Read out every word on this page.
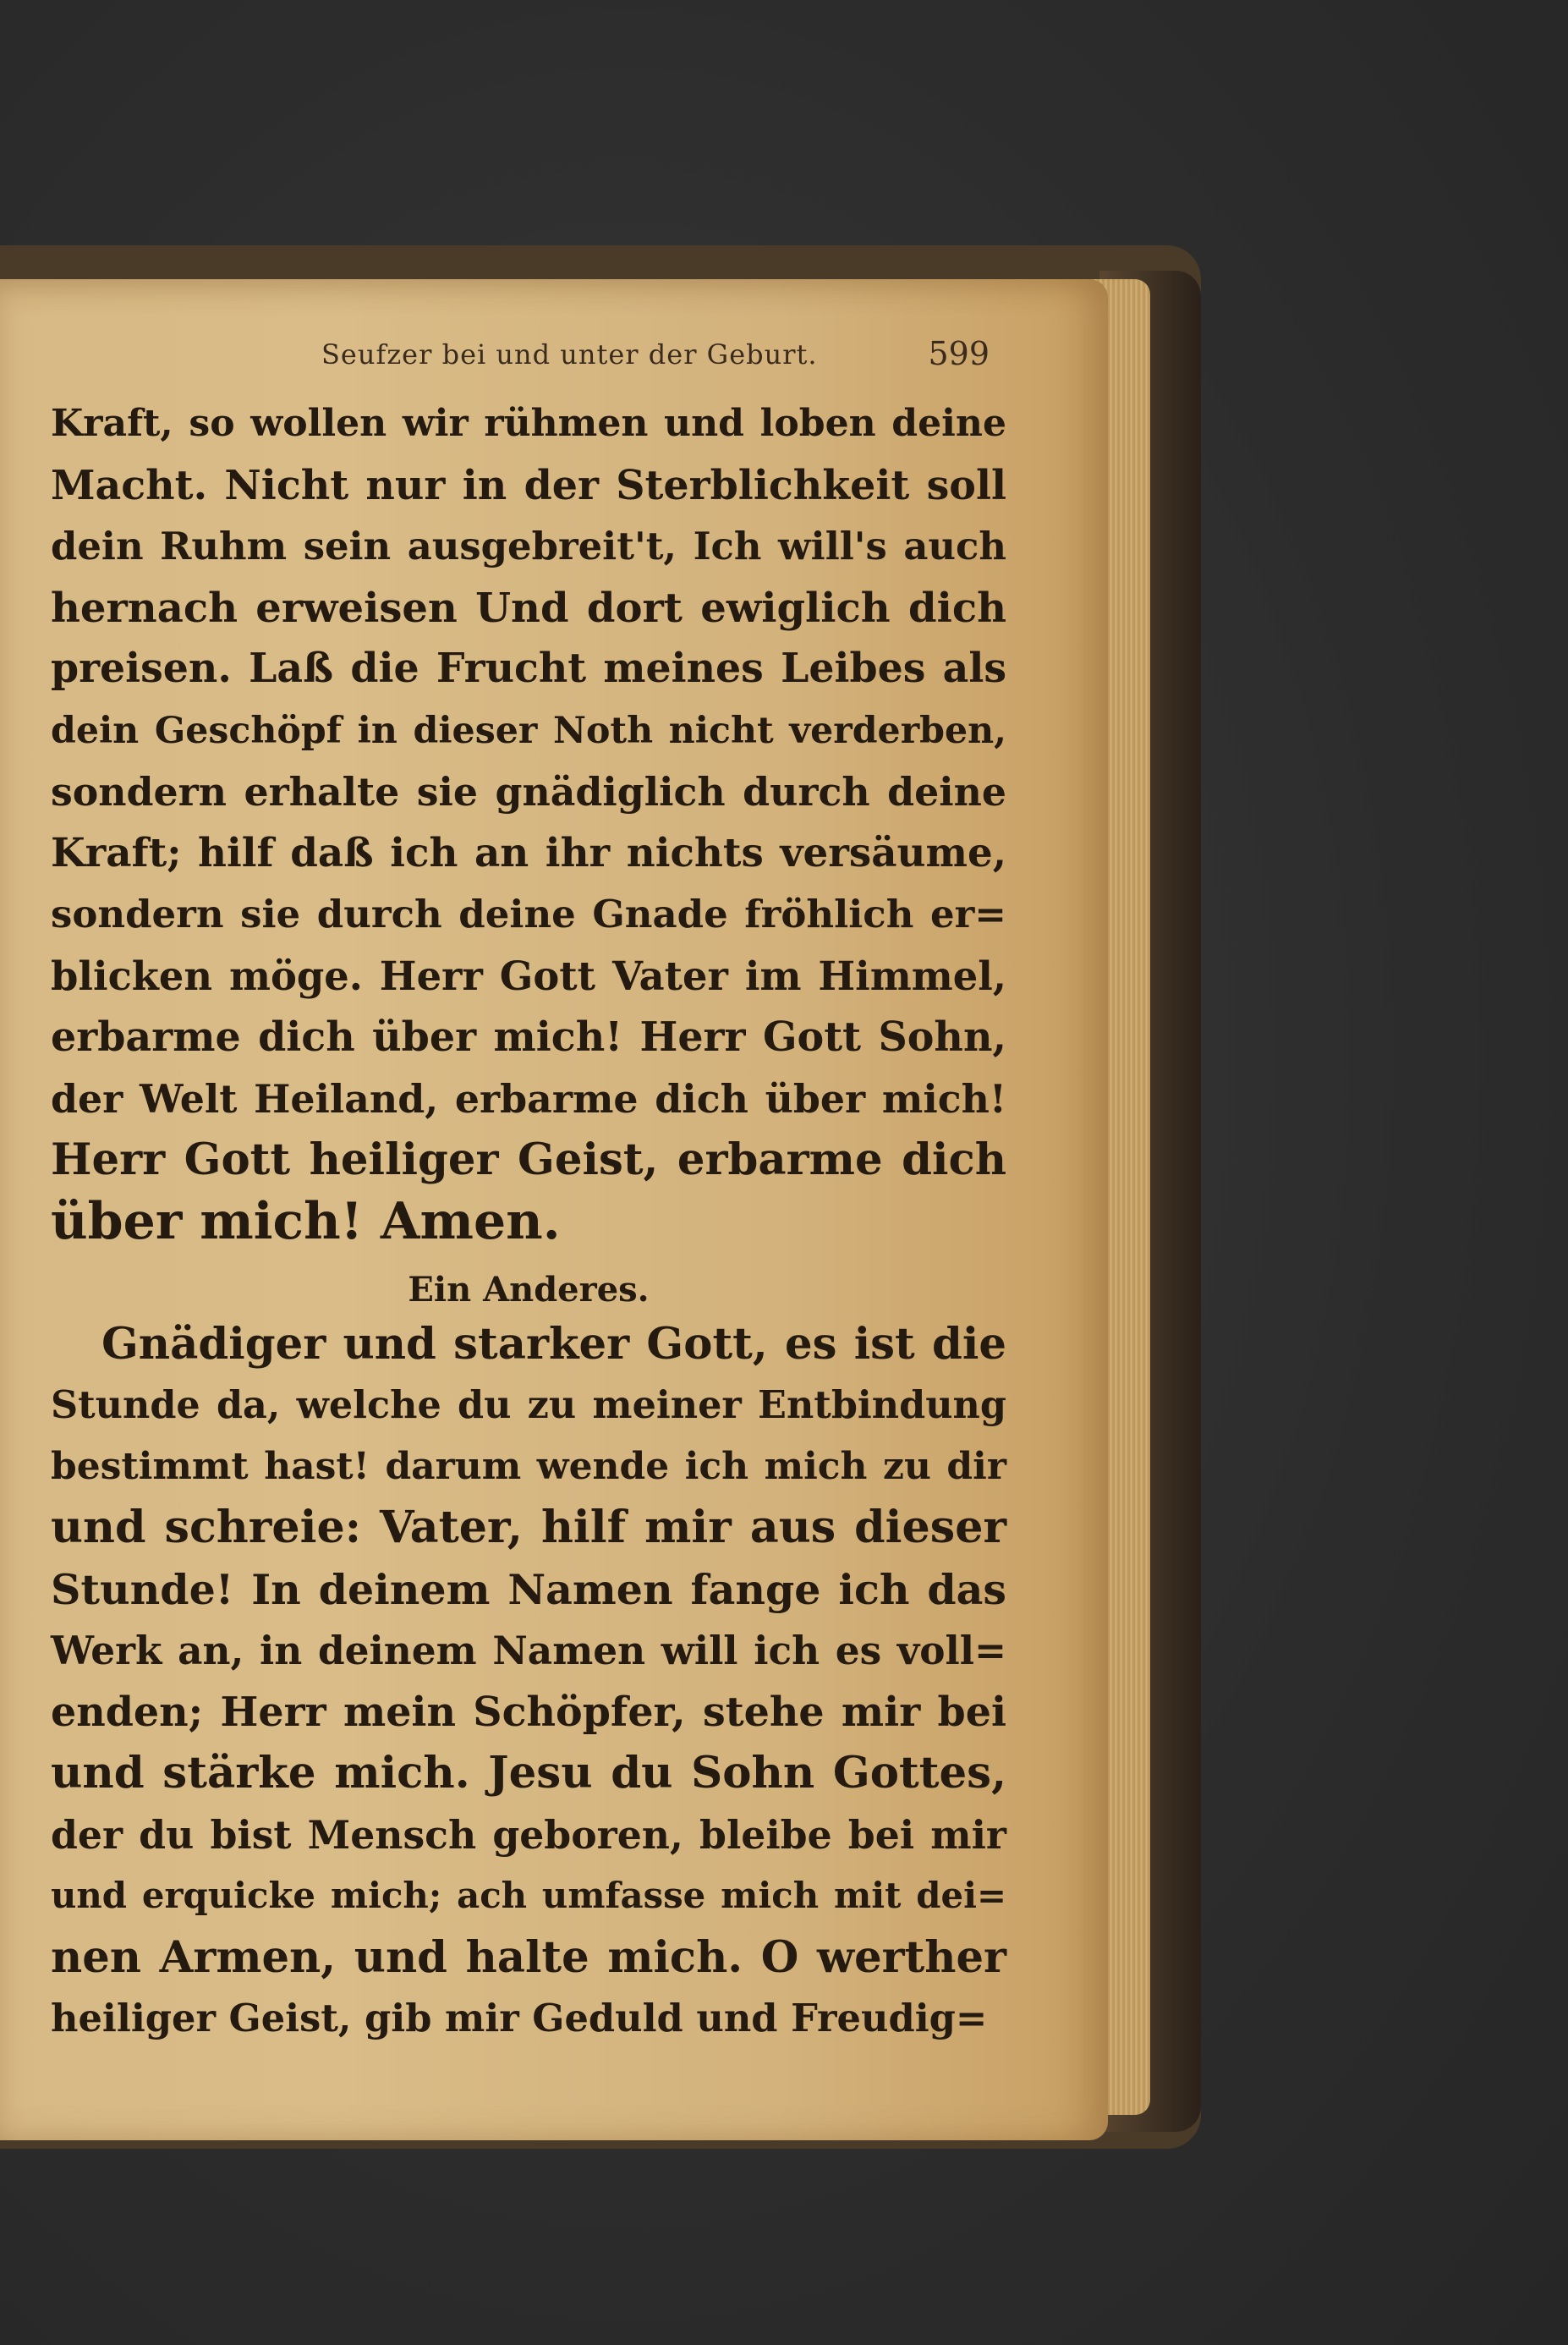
Seufzer bei und unter der Geburt.	599
Kraft, so wollen wir rühmen und loben deine
Macht. Nicht nur in der Sterblichkeit soll
dein Ruhm sein ausgebreit't, Ich will's auch
hernach erweisen Und dort ewiglich dich
preisen. Laß die Frucht meines Leibes als
dein Geschöpf in dieser Noth nicht verderben,
sondern erhalte sie gnädiglich durch deine
Kraft; hilf daß ich an ihr nichts versäume,
sondern sie durch deine Gnade fröhlich er=
blicken möge. Herr Gott Vater im Himmel,
erbarme dich über mich! Herr Gott Sohn,
der Welt Heiland, erbarme dich über mich!
Herr Gott heiliger Geist, erbarme dich
über mich! Amen.
Ein Anderes.
Gnädiger und starker Gott, es ist die
Stunde da, welche du zu meiner Entbindung
bestimmt hast! darum wende ich mich zu dir
und schreie: Vater, hilf mir aus dieser
Stunde! In deinem Namen fange ich das
Werk an, in deinem Namen will ich es voll=
enden; Herr mein Schöpfer, stehe mir bei
und stärke mich. Jesu du Sohn Gottes,
der du bist Mensch geboren, bleibe bei mir
und erquicke mich; ach umfasse mich mit dei=
nen Armen, und halte mich. O werther
heiliger Geist, gib mir Geduld und Freudig=
